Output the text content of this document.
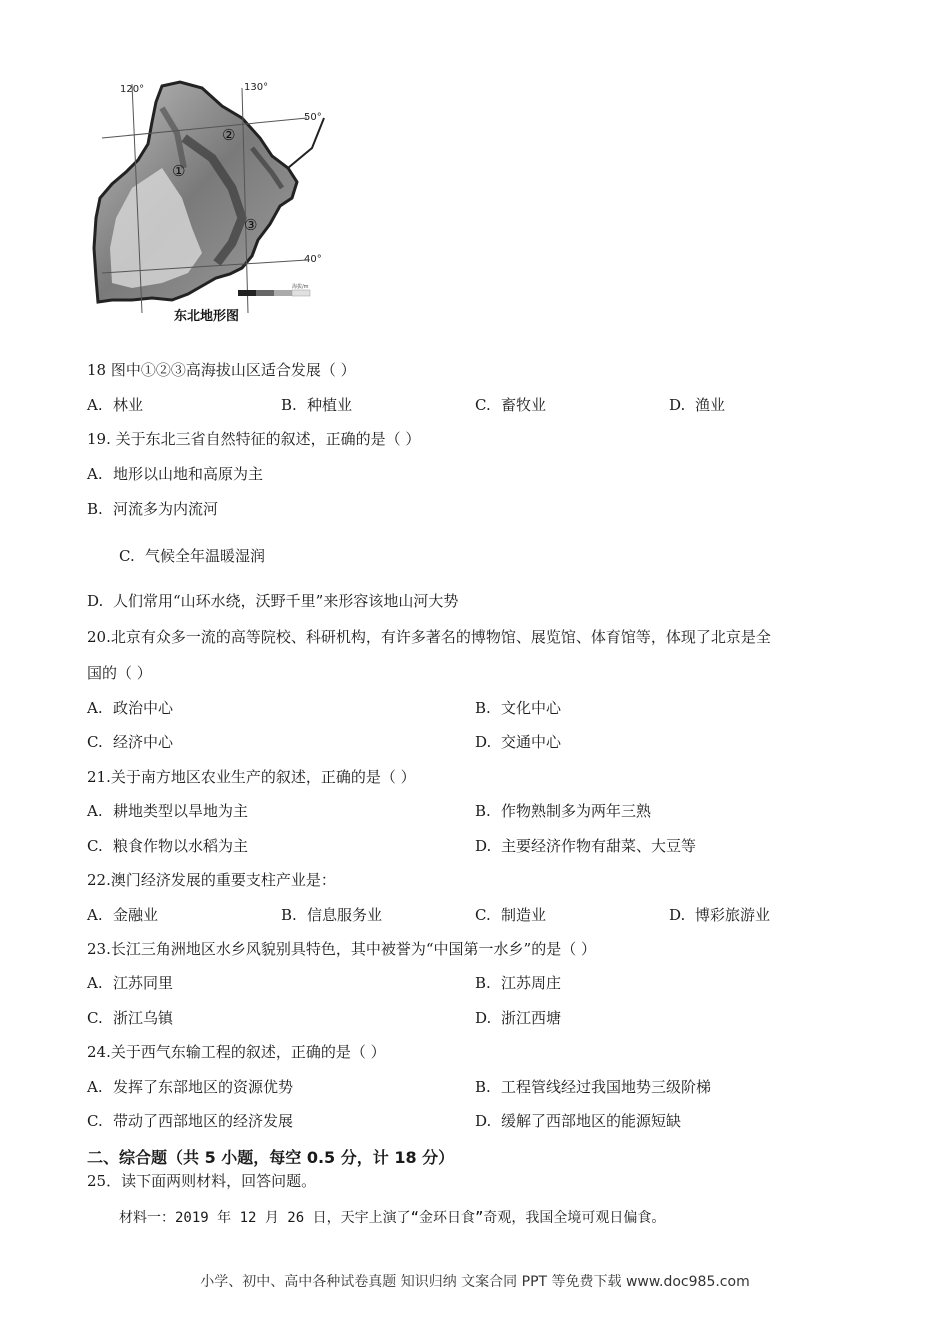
120°	130°
50°
40°
①
②
③
海拔/m
东北地形图
18 图中①②③高海拔山区适合发展（ ）
A. 林业	B. 种植业	C. 畜牧业	D. 渔业
19. 关于东北三省自然特征的叙述，正确的是（ ）
A. 地形以山地和高原为主
B. 河流多为内流河
C. 气候全年温暖湿润
D. 人们常用“山环水绕，沃野千里”来形容该地山河大势
20.北京有众多一流的高等院校、科研机构，有许多著名的博物馆、展览馆、体育馆等，体现了北京是全
国的（ ）
A. 政治中心	B. 文化中心
C. 经济中心	D. 交通中心
21.关于南方地区农业生产的叙述，正确的是（ ）
A. 耕地类型以旱地为主	B. 作物熟制多为两年三熟
C. 粮食作物以水稻为主	D. 主要经济作物有甜菜、大豆等
22.澳门经济发展的重要支柱产业是：
A. 金融业	B. 信息服务业	C. 制造业	D. 博彩旅游业
23.长江三角洲地区水乡风貌别具特色，其中被誉为“中国第一水乡”的是（ ）
A. 江苏同里	B. 江苏周庄
C. 浙江乌镇	D. 浙江西塘
24.关于西气东输工程的叙述，正确的是（ ）
A. 发挥了东部地区的资源优势	B. 工程管线经过我国地势三级阶梯
C. 带动了西部地区的经济发展	D. 缓解了西部地区的能源短缺
二、综合题（共 5 小题，每空 0.5 分，计 18 分）
25．读下面两则材料，回答问题。
材料一：2019 年 12 月 26 日，天宇上演了“金环日食”奇观，我国全境可观日偏食。
小学、初中、高中各种试卷真题 知识归纳 文案合同 PPT 等免费下载 www.doc985.com
